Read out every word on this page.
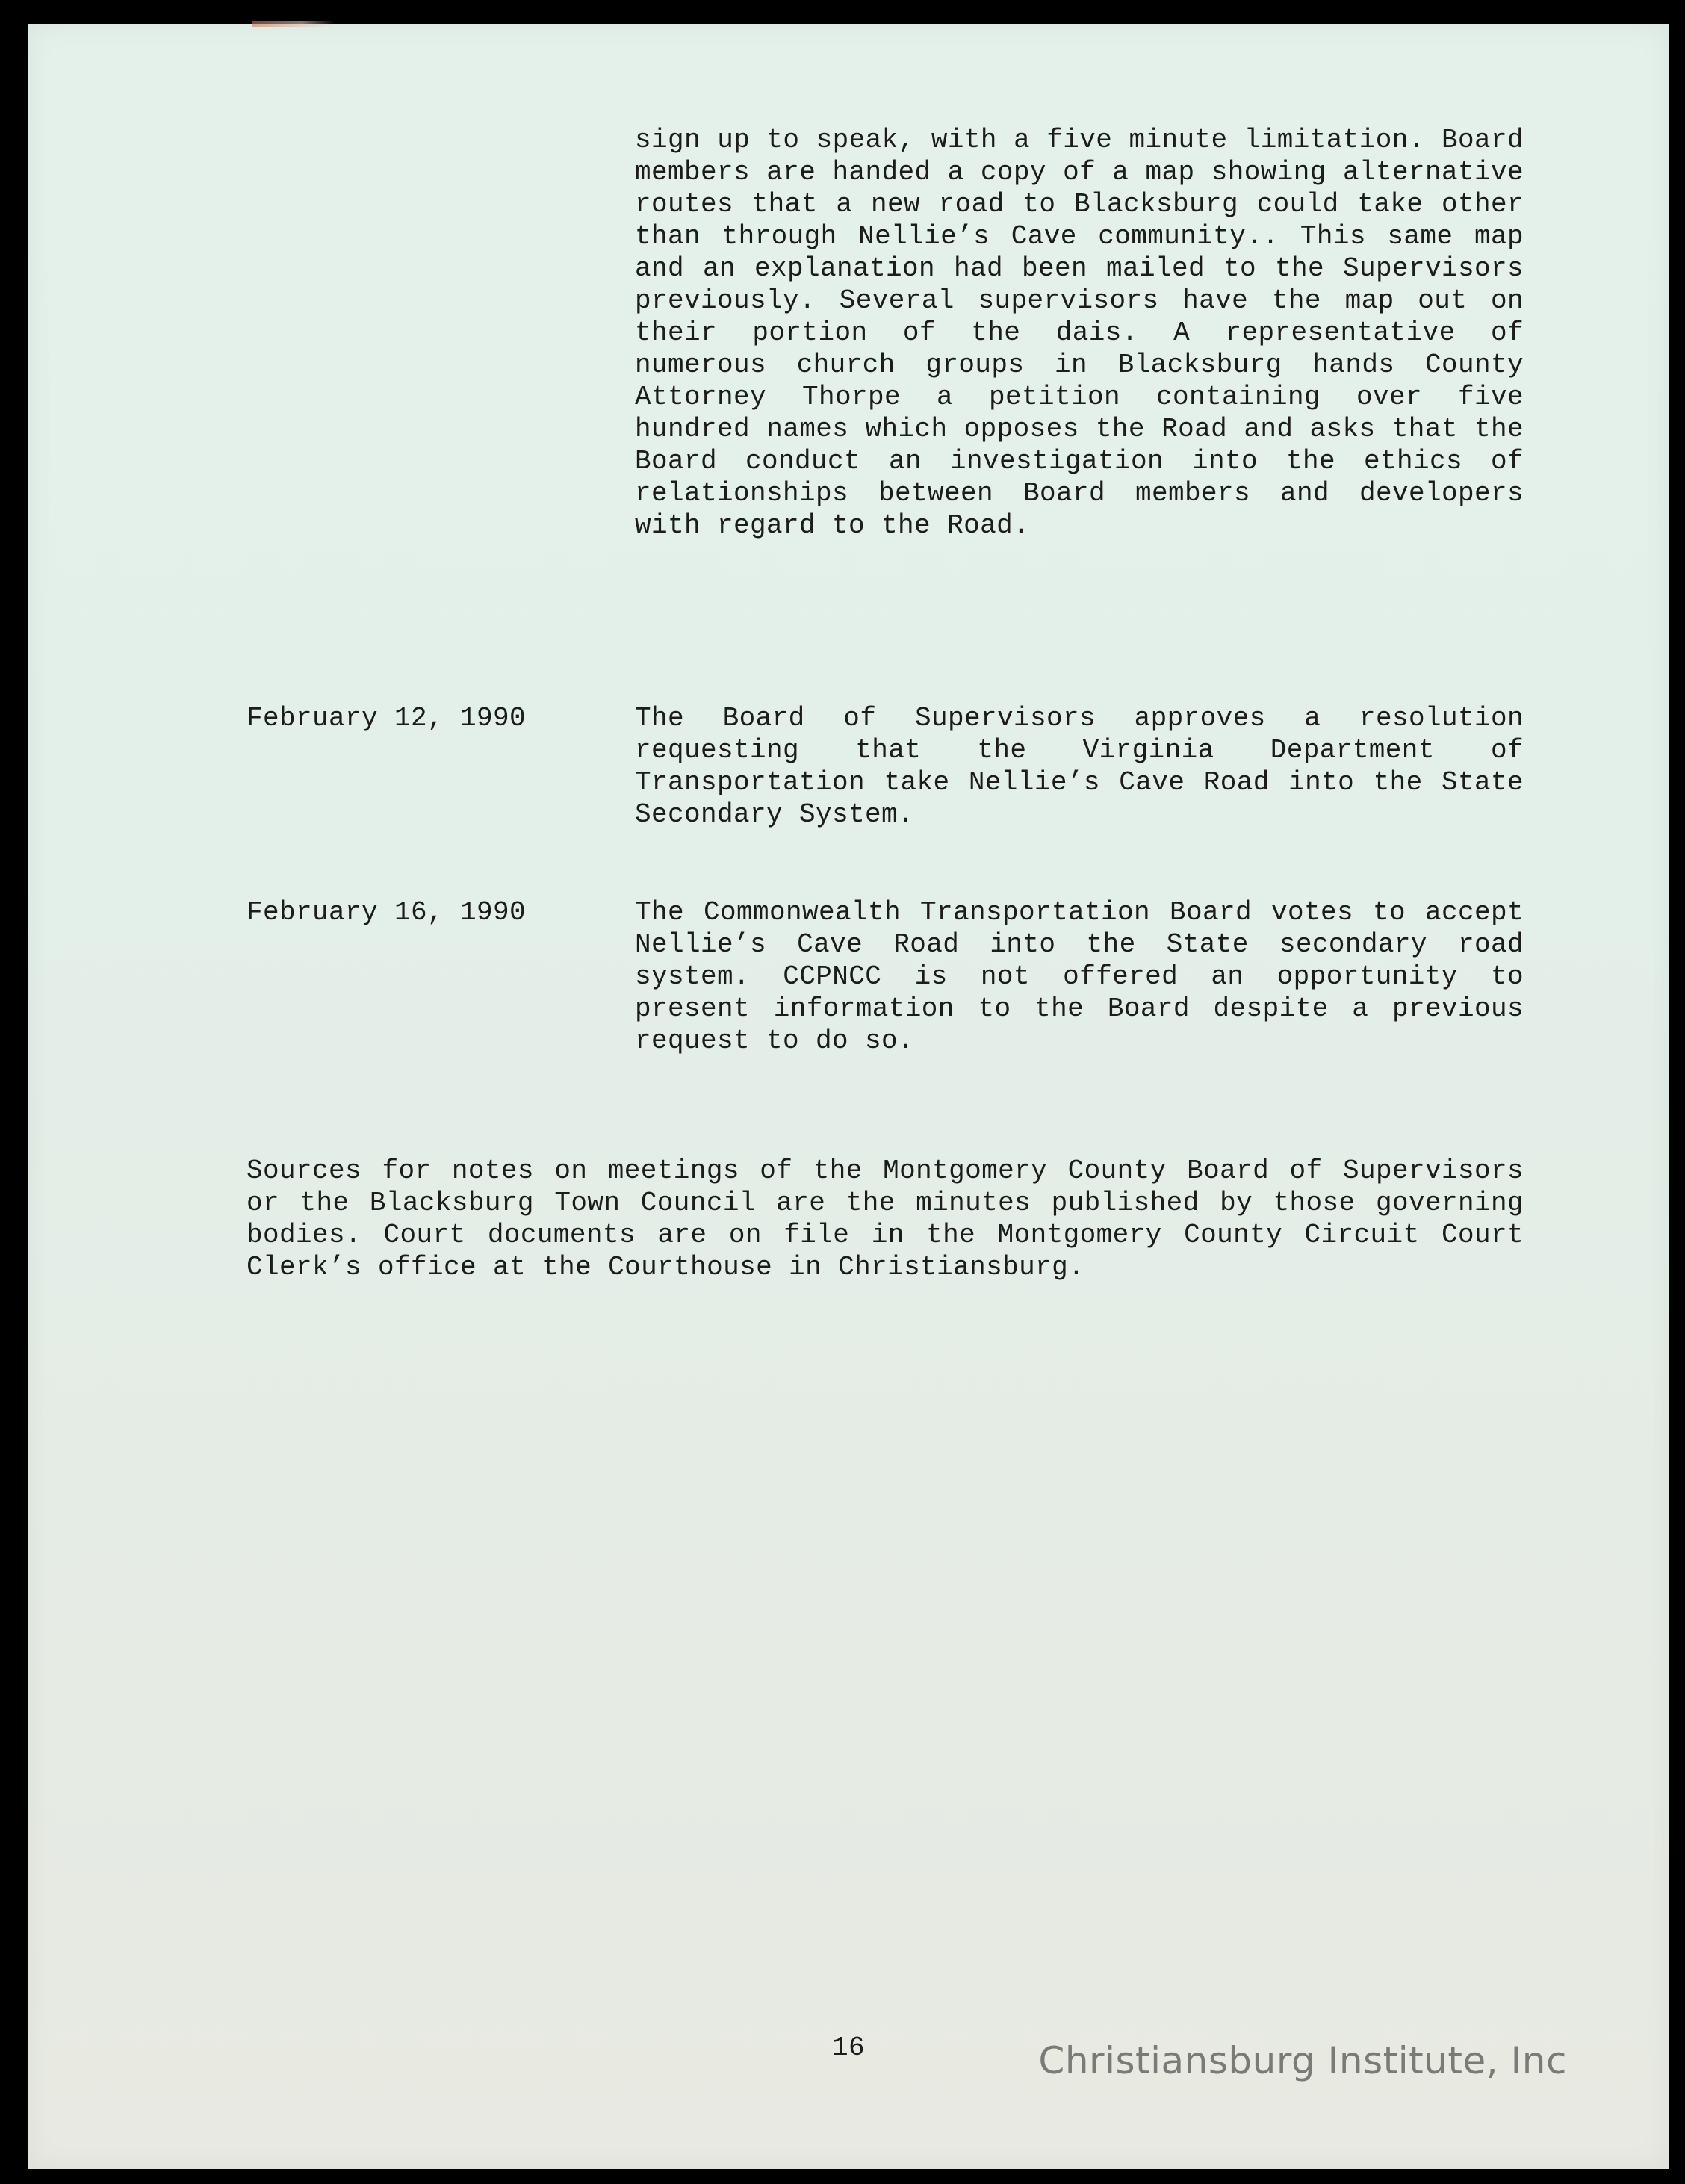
sign up to speak, with a five minute limitation. Board members are handed a copy of a map showing alternative routes that a new road to Blacksburg could take other than through Nellie’s Cave community.. This same map and an explanation had been mailed to the Supervisors previously. Several supervisors have the map out on their portion of the dais. A representative of numerous church groups in Blacksburg hands County Attorney Thorpe a petition containing over five hundred names which opposes the Road and asks that the Board conduct an investigation into the ethics of relationships between Board members and developers with regard to the Road.

February 12, 1990	The Board of Supervisors approves a resolution requesting that the Virginia Department of Transportation take Nellie’s Cave Road into the State Secondary System.

February 16, 1990	The Commonwealth Transportation Board votes to accept Nellie’s Cave Road into the State secondary road system. CCPNCC is not offered an opportunity to present information to the Board despite a previous request to do so.

Sources for notes on meetings of the Montgomery County Board of Supervisors or the Blacksburg Town Council are the minutes published by those governing bodies. Court documents are on file in the Montgomery County Circuit Court Clerk’s office at the Courthouse in Christiansburg.

16	Christiansburg Institute, Inc
